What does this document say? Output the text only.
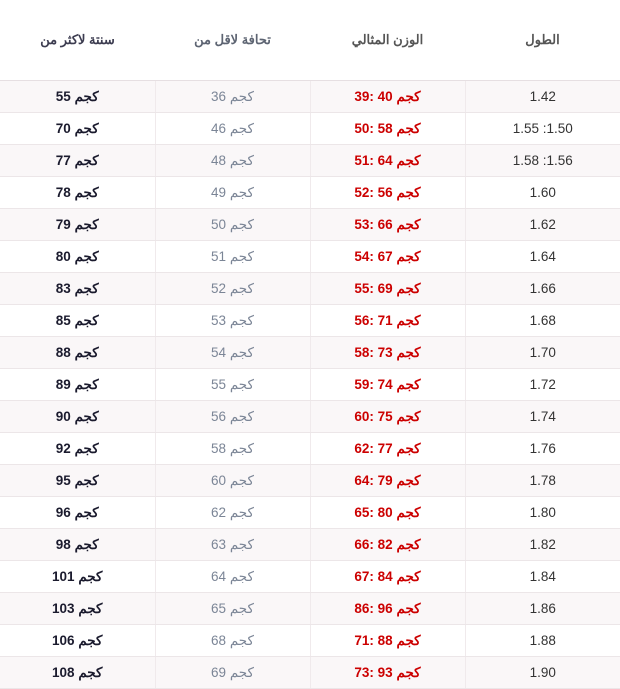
الطول	الوزن المثالي	تحافة لاقل من	سنتة لاكثر من
1.42	كجم 40 :39	كجم 36	كجم 55
1.50: 1.55	كجم 58 :50	كجم 46	كجم 70
1.56: 1.58	كجم 64 :51	كجم 48	كجم 77
1.60	كجم 56 :52	كجم 49	كجم 78
1.62	كجم 66 :53	كجم 50	كجم 79
1.64	كجم 67 :54	كجم 51	كجم 80
1.66	كجم 69 :55	كجم 52	كجم 83
1.68	كجم 71 :56	كجم 53	كجم 85
1.70	كجم 73 :58	كجم 54	كجم 88
1.72	كجم 74 :59	كجم 55	كجم 89
1.74	كجم 75 :60	كجم 56	كجم 90
1.76	كجم 77 :62	كجم 58	كجم 92
1.78	كجم 79 :64	كجم 60	كجم 95
1.80	كجم 80 :65	كجم 62	كجم 96
1.82	كجم 82 :66	كجم 63	كجم 98
1.84	كجم 84 :67	كجم 64	كجم 101
1.86	كجم 96 :86	كجم 65	كجم 103
1.88	كجم 88 :71	كجم 68	كجم 106
1.90	كجم 93 :73	كجم 69	كجم 108
